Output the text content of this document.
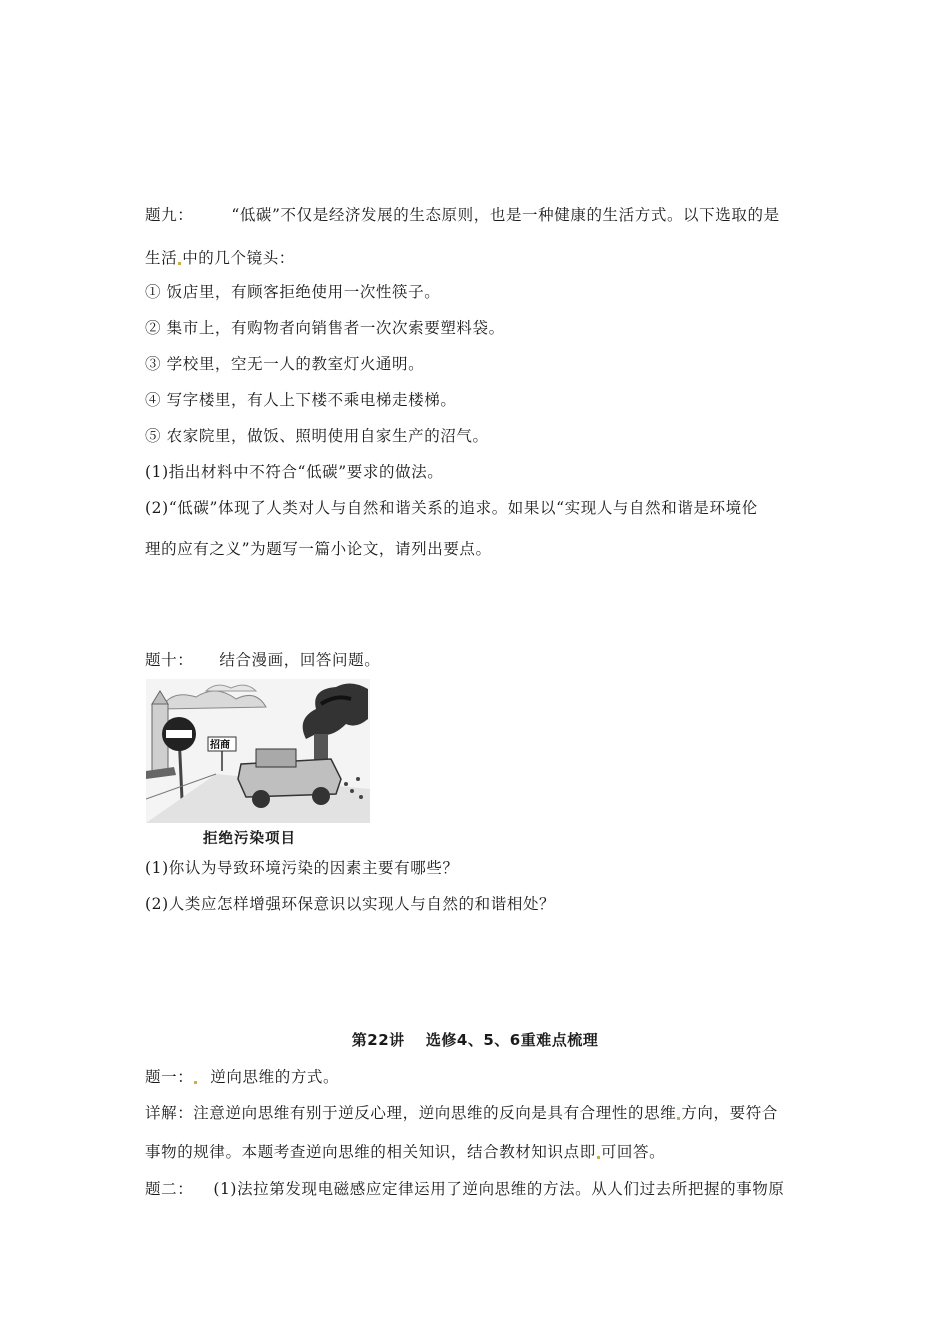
题九： “低碳”不仅是经济发展的生态原则，也是一种健康的生活方式。以下选取的是
生活 中的几个镜头：
① 饭店里，有顾客拒绝使用一次性筷子。
② 集市上，有购物者向销售者一次次索要塑料袋。
③ 学校里，空无一人的教室灯火通明。
④ 写字楼里，有人上下楼不乘电梯走楼梯。
⑤ 农家院里，做饭、照明使用自家生产的沼气。
(1)指出材料中不符合“低碳”要求的做法。
(2)“低碳”体现了人类对人与自然和谐关系的追求。如果以“实现人与自然和谐是环境伦
理的应有之义”为题写一篇小论文，请列出要点。
题十： 结合漫画，回答问题。
招商
拒绝污染项目
(1)你认为导致环境污染的因素主要有哪些？
(2)人类应怎样增强环保意识以实现人与自然的和谐相处？
第22讲　 选修4、5、6重难点梳理
题一： 逆向思维的方式。
详解：注意逆向思维有别于逆反心理，逆向思维的反向是具有合理性的思维 方向，要符合
事物的规律。本题考查逆向思维的相关知识，结合教材知识点即 可回答。
题二： (1)法拉第发现电磁感应定律运用了逆向思维的方法。从人们过去所把握的事物原
